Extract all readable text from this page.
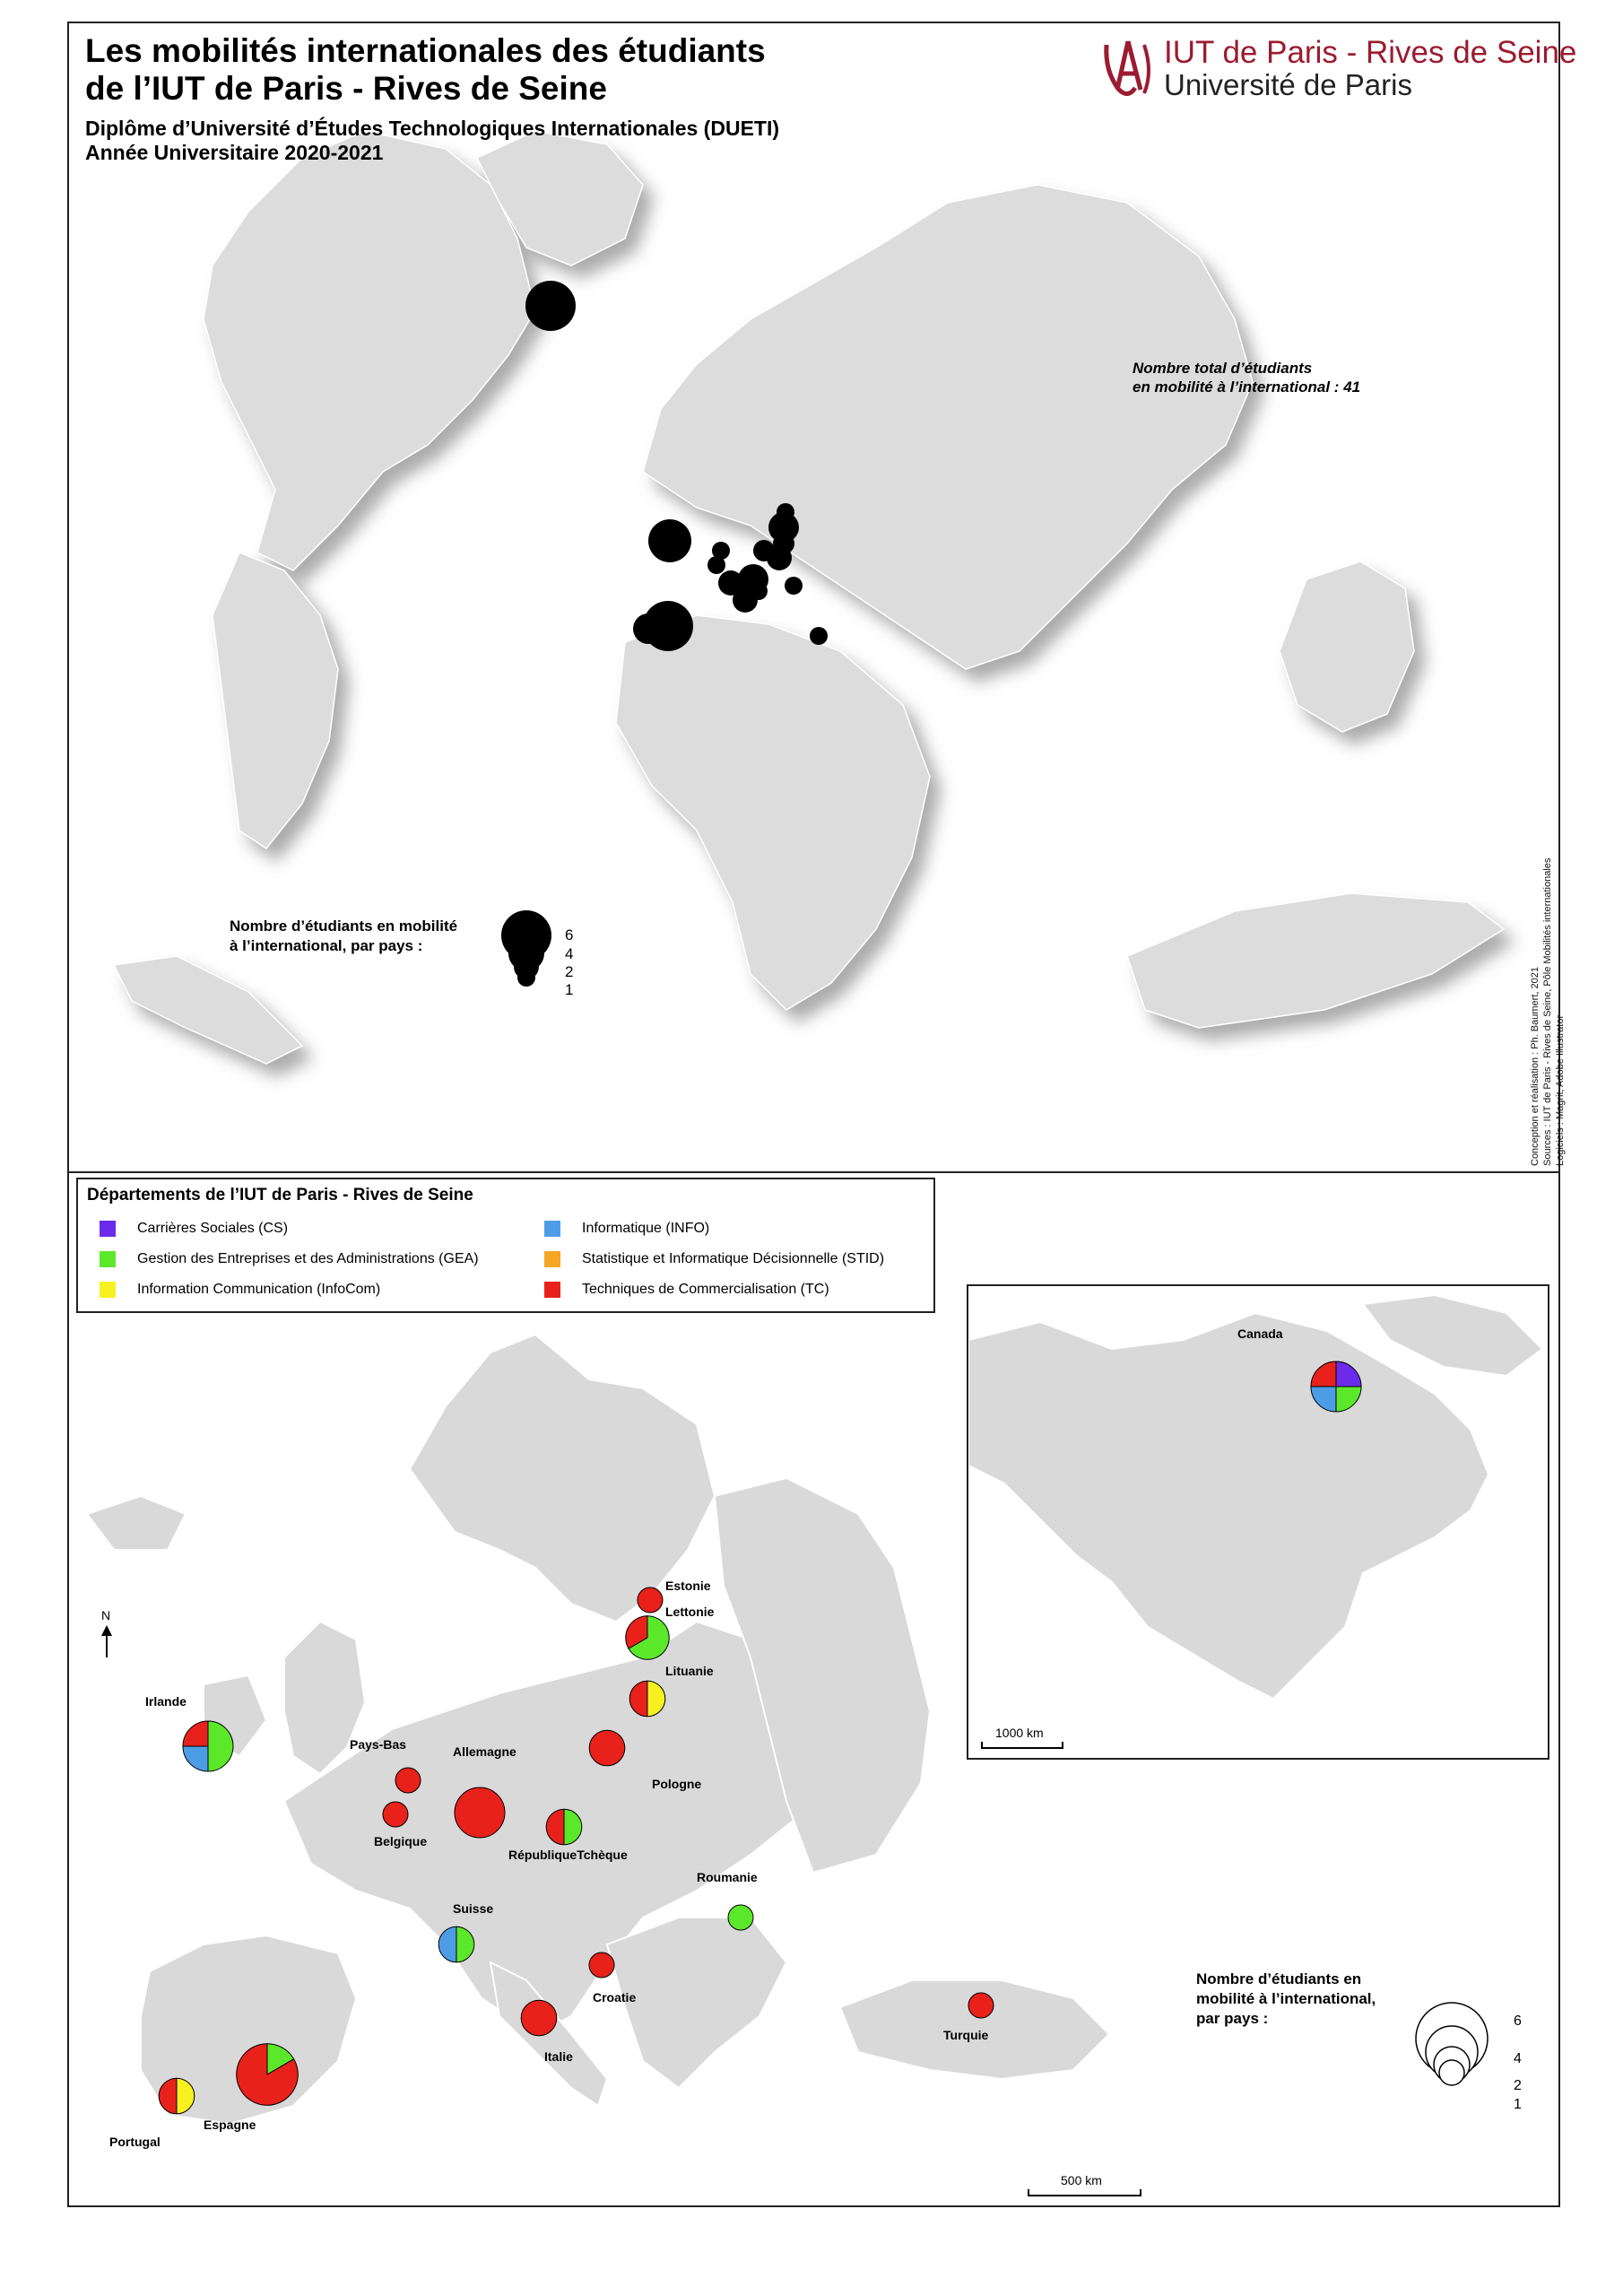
Les mobilités internationales des étudiants
de l’IUT de Paris - Rives de Seine
Diplôme d’Université d’Études Technologiques Internationales (DUETI)
Année Universitaire 2020-2021
IUT de Paris - Rives de Seine
Université de Paris
Nombre total d’étudiants
en mobilité à l’international : 41
Nombre d’étudiants en mobilité
à l’international, par pays :
6
4
2
1	Conception et réalisation : Ph. Baumert, 2021 Sources : IUT de Paris - Rives de Seine, Pôle Mobilités internationales Logiciels : Magrit, Adobe Illustrator
N
500 km
Estonie
Lettonie
Lituanie
Irlande
Pays-Bas
Belgique
Allemagne
Pologne
RépubliqueTchèque
Roumanie
Suisse
Croatie
Italie
Turquie
Espagne
Portugal
6
4
2
1
Nombre d’étudiants en
mobilité à l’international,
par pays :
Départements de l’IUT de Paris - Rives de Seine
Carrières Sociales (CS)
Gestion des Entreprises et des Administrations (GEA)
Information Communication (InfoCom)
Informatique (INFO)
Statistique et Informatique Décisionnelle (STID)
Techniques de Commercialisation (TC)
1000 km
Canada
